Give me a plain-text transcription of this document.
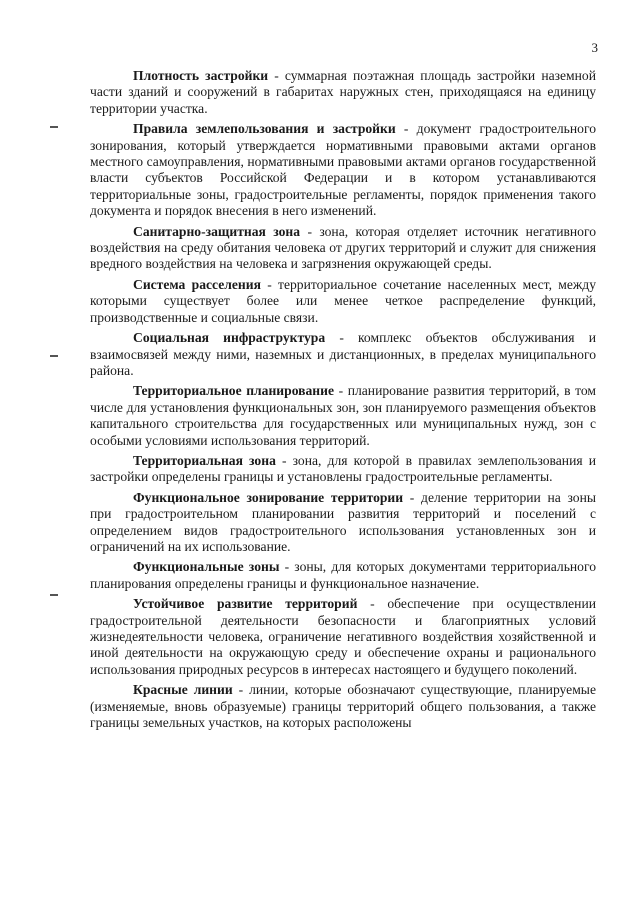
3

Плотность застройки - суммарная поэтажная площадь застройки наземной части зданий и сооружений в габаритах наружных стен, приходящаяся на единицу территории участка.

Правила землепользования и застройки - документ градостроительного зонирования, который утверждается нормативными правовыми актами органов местного самоуправления, нормативными правовыми актами органов государственной власти субъектов Российской Федерации и в котором устанавливаются территориальные зоны, градостроительные регламенты, порядок применения такого документа и порядок внесения в него изменений.

Санитарно-защитная зона - зона, которая отделяет источник негативного воздействия на среду обитания человека от других территорий и служит для снижения вредного воздействия на человека и загрязнения окружающей среды.

Система расселения - территориальное сочетание населенных мест, между которыми существует более или менее четкое распределение функций, производственные и социальные связи.

Социальная инфраструктура - комплекс объектов обслуживания и взаимосвязей между ними, наземных и дистанционных, в пределах муниципального района.

Территориальное планирование - планирование развития территорий, в том числе для установления функциональных зон, зон планируемого размещения объектов капитального строительства для государственных или муниципальных нужд, зон с особыми условиями использования территорий.

Территориальная зона - зона, для которой в правилах землепользования и застройки определены границы и установлены градостроительные регламенты.

Функциональное зонирование территории - деление территории на зоны при градостроительном планировании развития территорий и поселений с определением видов градостроительного использования установленных зон и ограничений на их использование.

Функциональные зоны - зоны, для которых документами территориального планирования определены границы и функциональное назначение.

Устойчивое развитие территорий - обеспечение при осуществлении градостроительной деятельности безопасности и благоприятных условий жизнедеятельности человека, ограничение негативного воздействия хозяйственной и иной деятельности на окружающую среду и обеспечение охраны и рационального использования природных ресурсов в интересах настоящего и будущего поколений.

Красные линии - линии, которые обозначают существующие, планируемые (изменяемые, вновь образуемые) границы территорий общего пользования, а также границы земельных участков, на которых расположены
